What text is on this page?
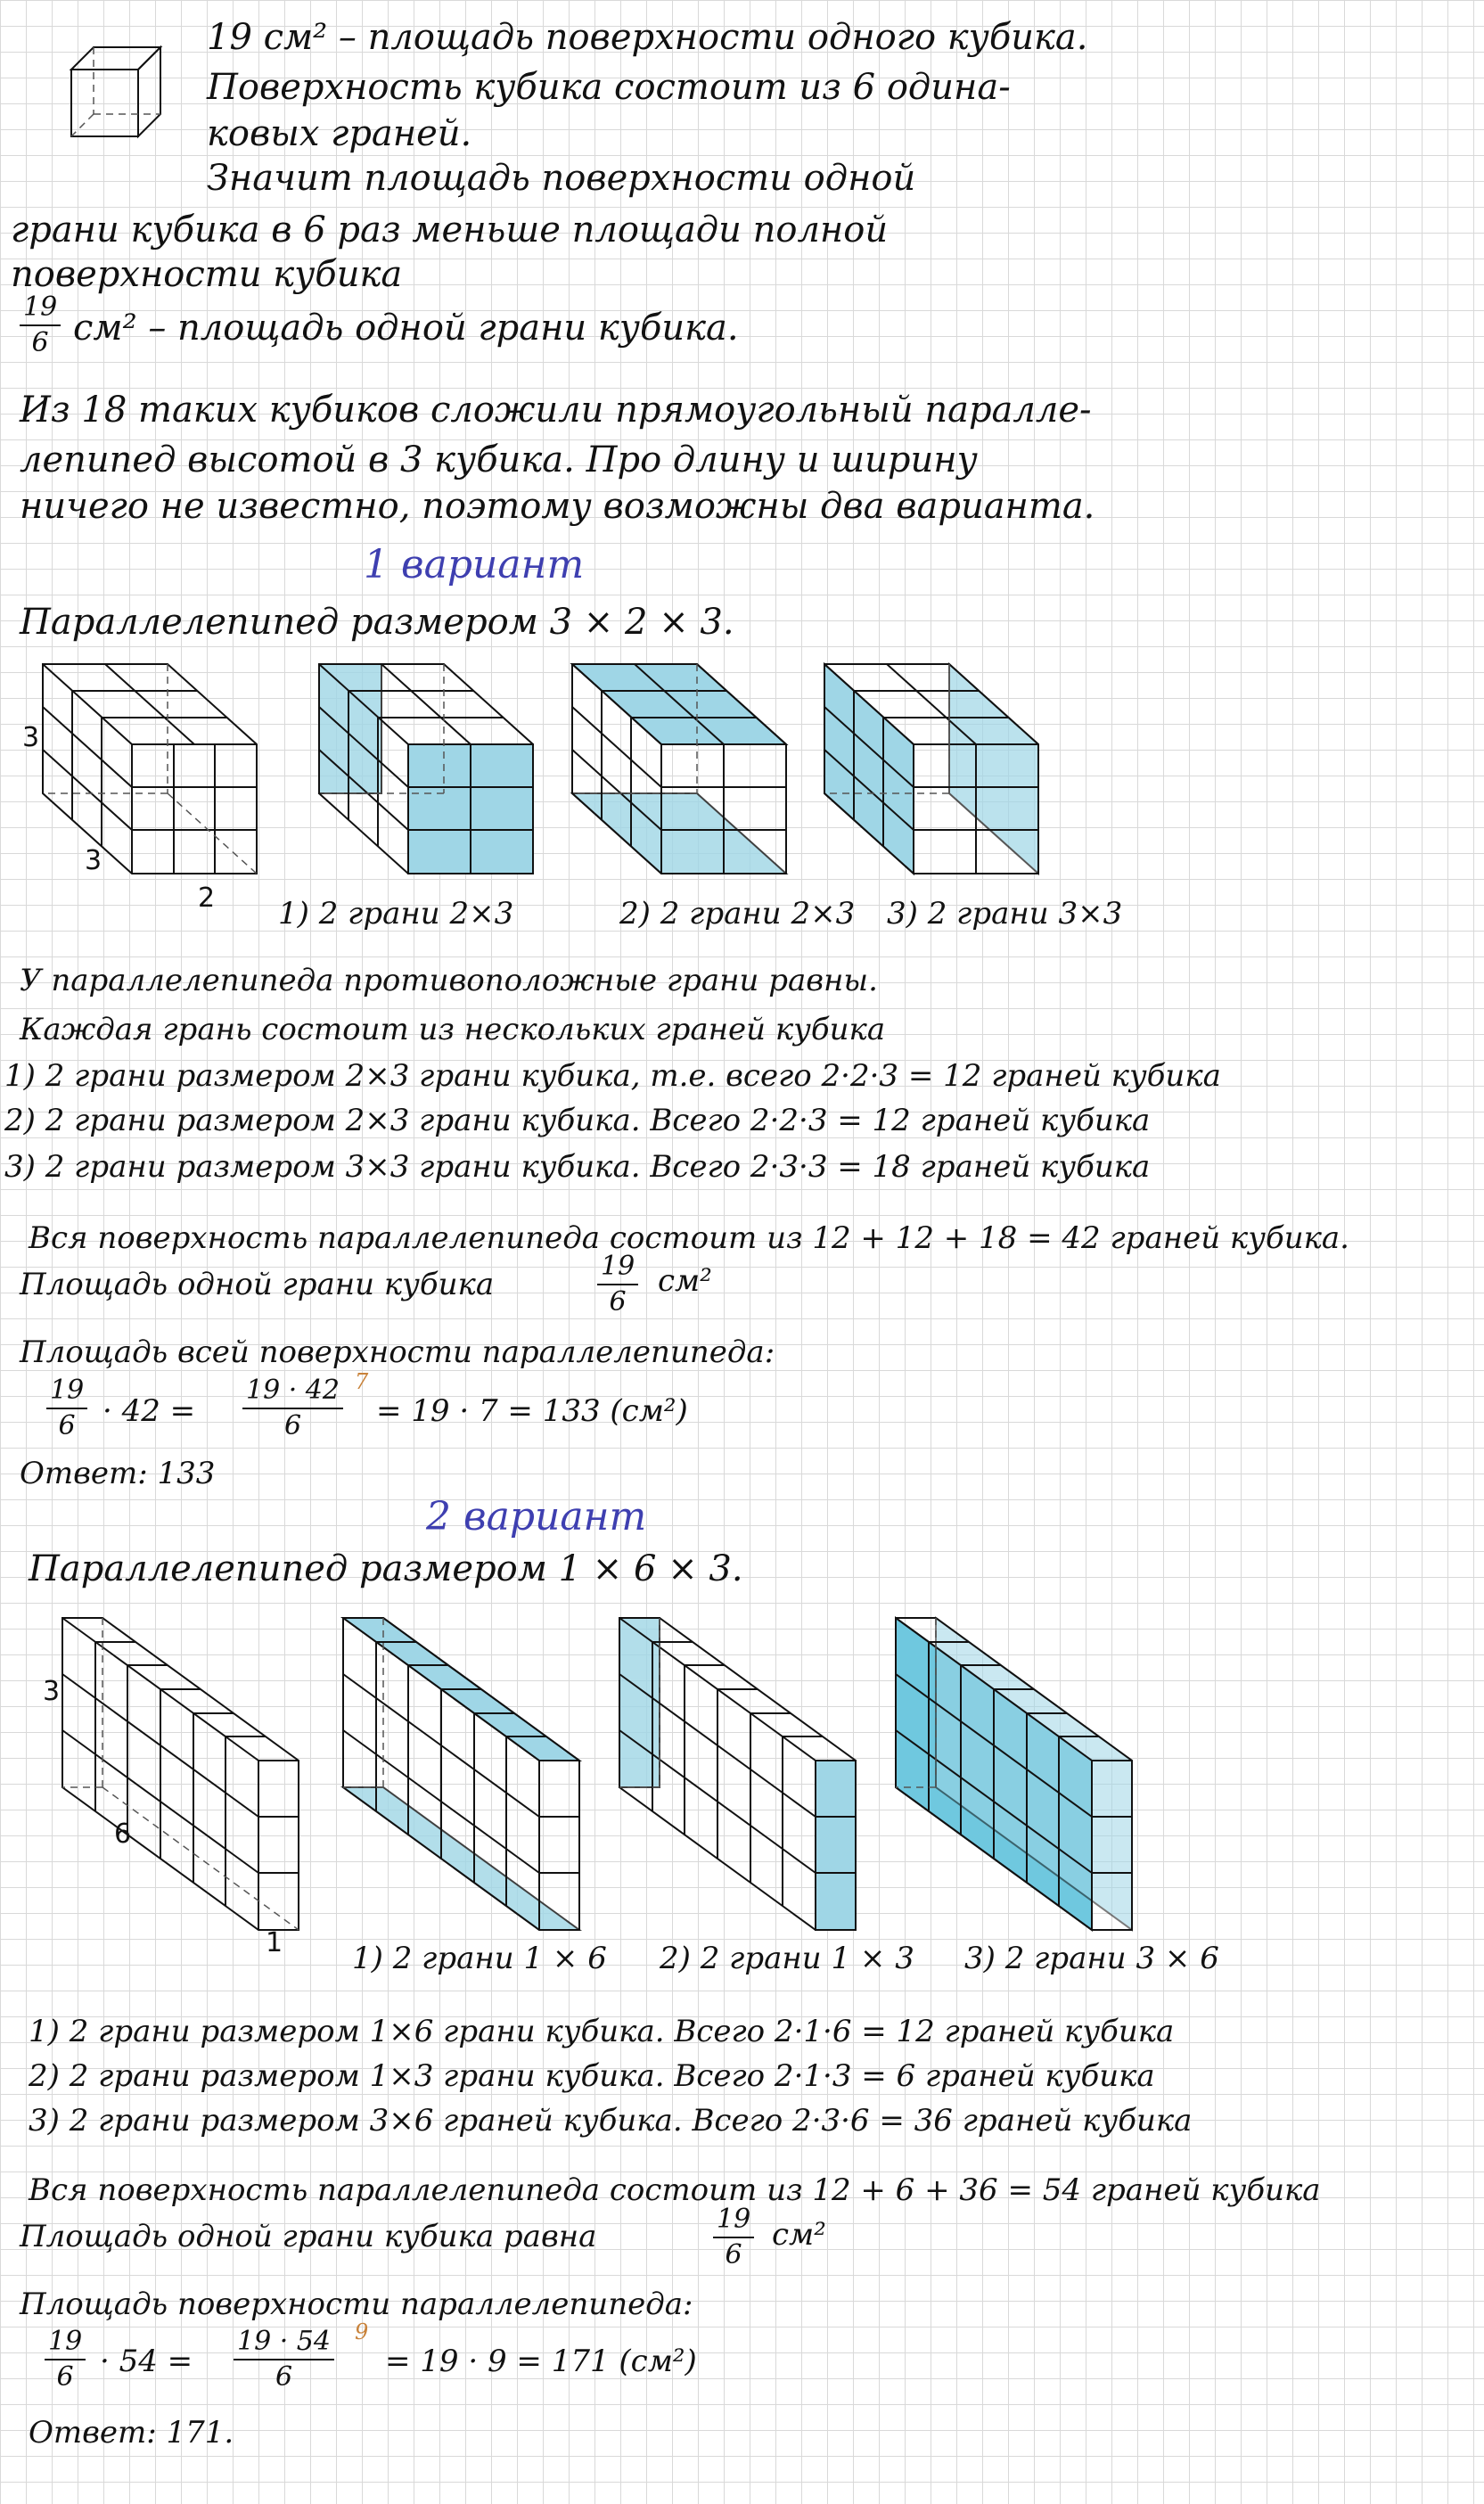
19 см² – площадь поверхности одного кубика.
Поверхность кубика состоит из 6 одина-
ковых граней.
Значит площадь поверхности одной
грани кубика в 6 раз меньше площади полной
поверхности кубика
$\frac{19}{6} см^2$ – площадь одной грани кубика.
Из 18 таких кубиков сложили прямоугольный паралле-
лепипед высотой в 3 кубика. Про длину и ширину
ничего не известно, поэтому возможны два варианта.
1 вариант
Параллелепипед размером 3 × 2 × 3.
3
3
2 1) 2 грани 2×3	2) 2 грани 2×3 3) 2 грани 3×3
У параллелепипеда противоположные грани равны.
Каждая грань состоит из нескольких граней кубика
1) 2 грани размером 2×3 грани кубика, т.е. всего 2·2·3 = 12 граней кубика
2) 2 грани размером 2×3 грани кубика. Всего 2·2·3 = 12 граней кубика
3) 2 грани размером 3×3 грани кубика. Всего 2·3·3 = 18 граней кубика
Вся поверхность параллелепипеда состоит из 12 + 12 + 18 = 42 граней кубика.
Площадь одной грани кубика	$\frac{19}{6} см^2$
Площадь всей поверхности параллелепипеда:
$\frac{19}{6} \cdot 42 = \frac{19 \cdot 42}{6} 7$
= 19 · 7 = 133 (см²)
Ответ: 133
2 вариант
Параллелепипед размером 1 × 6 × 3.
3
6
1 1) 2 грани 1 × 6 2) 2 грани 1 × 3 3) 2 грани 3 × 6
1) 2 грани размером 1×6 грани кубика. Всего 2·1·6 = 12 граней кубика
2) 2 грани размером 1×3 грани кубика. Всего 2·1·3 = 6 граней кубика
3) 2 грани размером 3×6 граней кубика. Всего 2·3·6 = 36 граней кубика
Вся поверхность параллелепипеда состоит из 12 + 6 + 36 = 54 граней кубика
Площадь одной грани кубика равна	$\frac{19}{6} см^2$
Площадь поверхности параллелепипеда:
$\frac{19}{6} \cdot 54 = \frac{19 \cdot 54}{6} 9$
= 19 · 9 = 171 (см²)
Ответ: 171.
